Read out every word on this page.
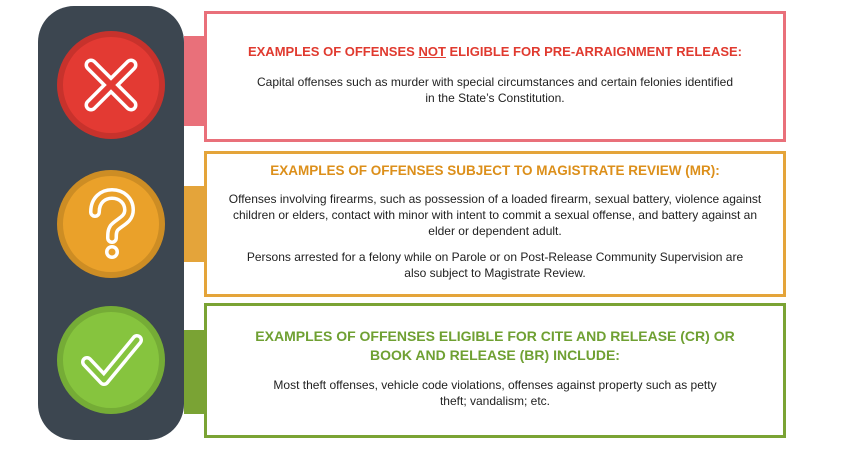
EXAMPLES OF OFFENSES NOT ELIGIBLE FOR PRE-ARRAIGNMENT RELEASE:
Capital offenses such as murder with special circumstances and certain felonies identified in the State’s Constitution.
EXAMPLES OF OFFENSES SUBJECT TO MAGISTRATE REVIEW (MR):
Offenses involving firearms, such as possession of a loaded firearm, sexual battery, violence against children or elders, contact with minor with intent to commit a sexual offense, and battery against an elder or dependent adult.
Persons arrested for a felony while on Parole or on Post-Release Community Supervision are also subject to Magistrate Review.
EXAMPLES OF OFFENSES ELIGIBLE FOR CITE AND RELEASE (CR) OR BOOK AND RELEASE (BR) INCLUDE:
Most theft offenses, vehicle code violations, offenses against property such as petty theft; vandalism; etc.
